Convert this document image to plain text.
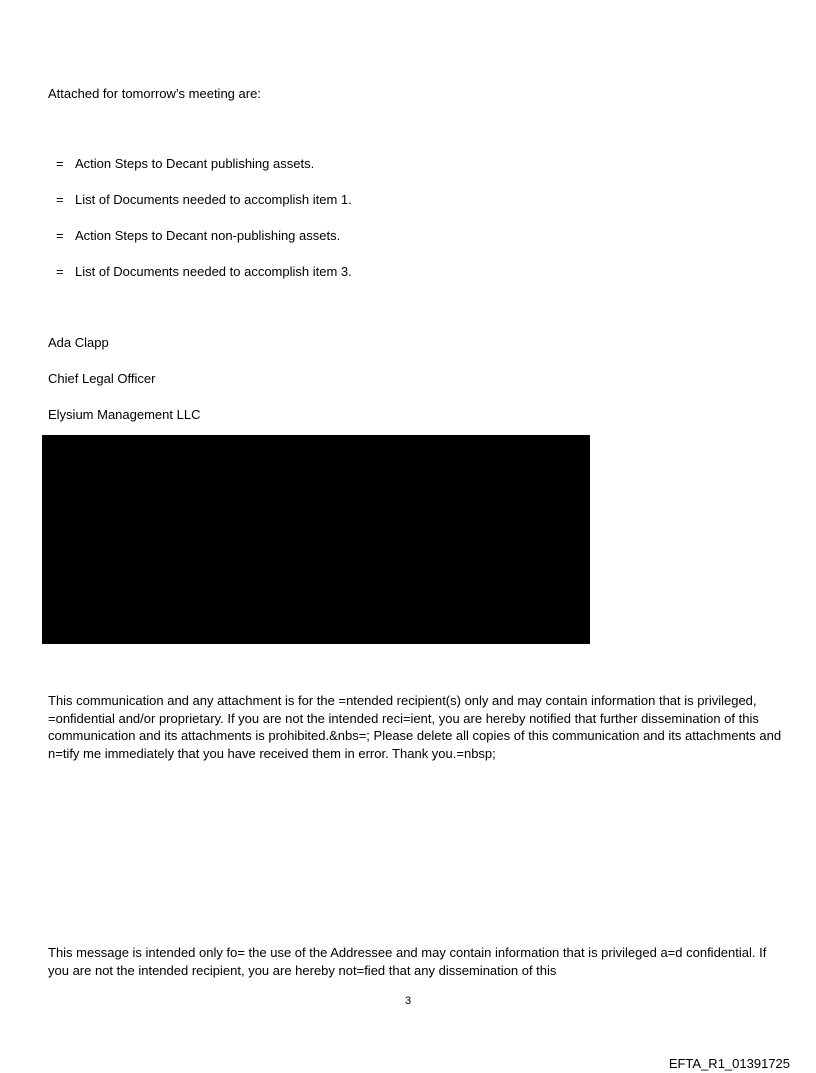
Attached for tomorrow’s meeting are:
= Action Steps to Decant publishing assets.
= List of Documents needed to accomplish item 1.
= Action Steps to Decant non-publishing assets.
= List of Documents needed to accomplish item 3.
Ada Clapp
Chief Legal Officer
Elysium Management LLC

This communication and any attachment is for the =ntended recipient(s) only and may contain information that is privileged, =onfidential and/or proprietary. If you are not the intended reci=ient, you are hereby notified that further dissemination of this communication and its attachments is prohibited.&nbs=; Please delete all copies of this communication and its attachments and n=tify me immediately that you have received them in error. Thank you.=nbsp;

This message is intended only fo= the use of the Addressee and may contain information that is privileged a=d confidential. If you are not the intended recipient, you are hereby not=fied that any dissemination of this

3
EFTA_R1_01391725
